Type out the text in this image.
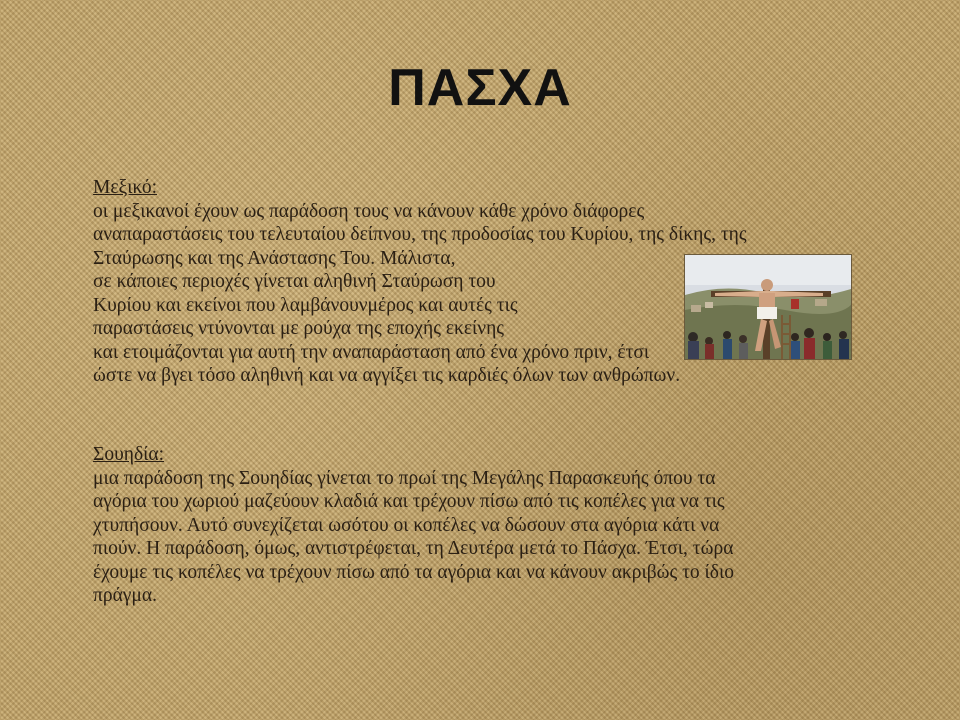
ΠΑΣΧΑ
Μεξικό:
οι μεξικανοί έχουν ως παράδοση τους να κάνουν κάθε χρόνο διάφορες
αναπαραστάσεις του τελευταίου δείπνου, της προδοσίας του Κυρίου, της δίκης, της
Σταύρωσης και της Ανάστασης Του. Μάλιστα,
σε κάποιες περιοχές γίνεται αληθινή Σταύρωση του
Κυρίου και εκείνοι που λαμβάνουνμέρος και αυτές τις
παραστάσεις ντύνονται με ρούχα της εποχής εκείνης
και ετοιμάζονται για αυτή την αναπαράσταση από ένα χρόνο πριν, έτσι
ώστε να βγει τόσο αληθινή και να αγγίξει τις καρδιές όλων των ανθρώπων.
Σουηδία:
μια παράδοση της Σουηδίας γίνεται το πρωί της Μεγάλης Παρασκευής όπου τα
αγόρια του χωριού μαζεύουν κλαδιά και τρέχουν πίσω από τις κοπέλες για να τις
χτυπήσουν. Αυτό συνεχίζεται ωσότου οι κοπέλες να δώσουν στα αγόρια κάτι να
πιούν. Η παράδοση, όμως, αντιστρέφεται, τη Δευτέρα μετά το Πάσχα. Έτσι, τώρα
έχουμε τις κοπέλες να τρέχουν πίσω από τα αγόρια και να κάνουν ακριβώς το ίδιο
πράγμα.
